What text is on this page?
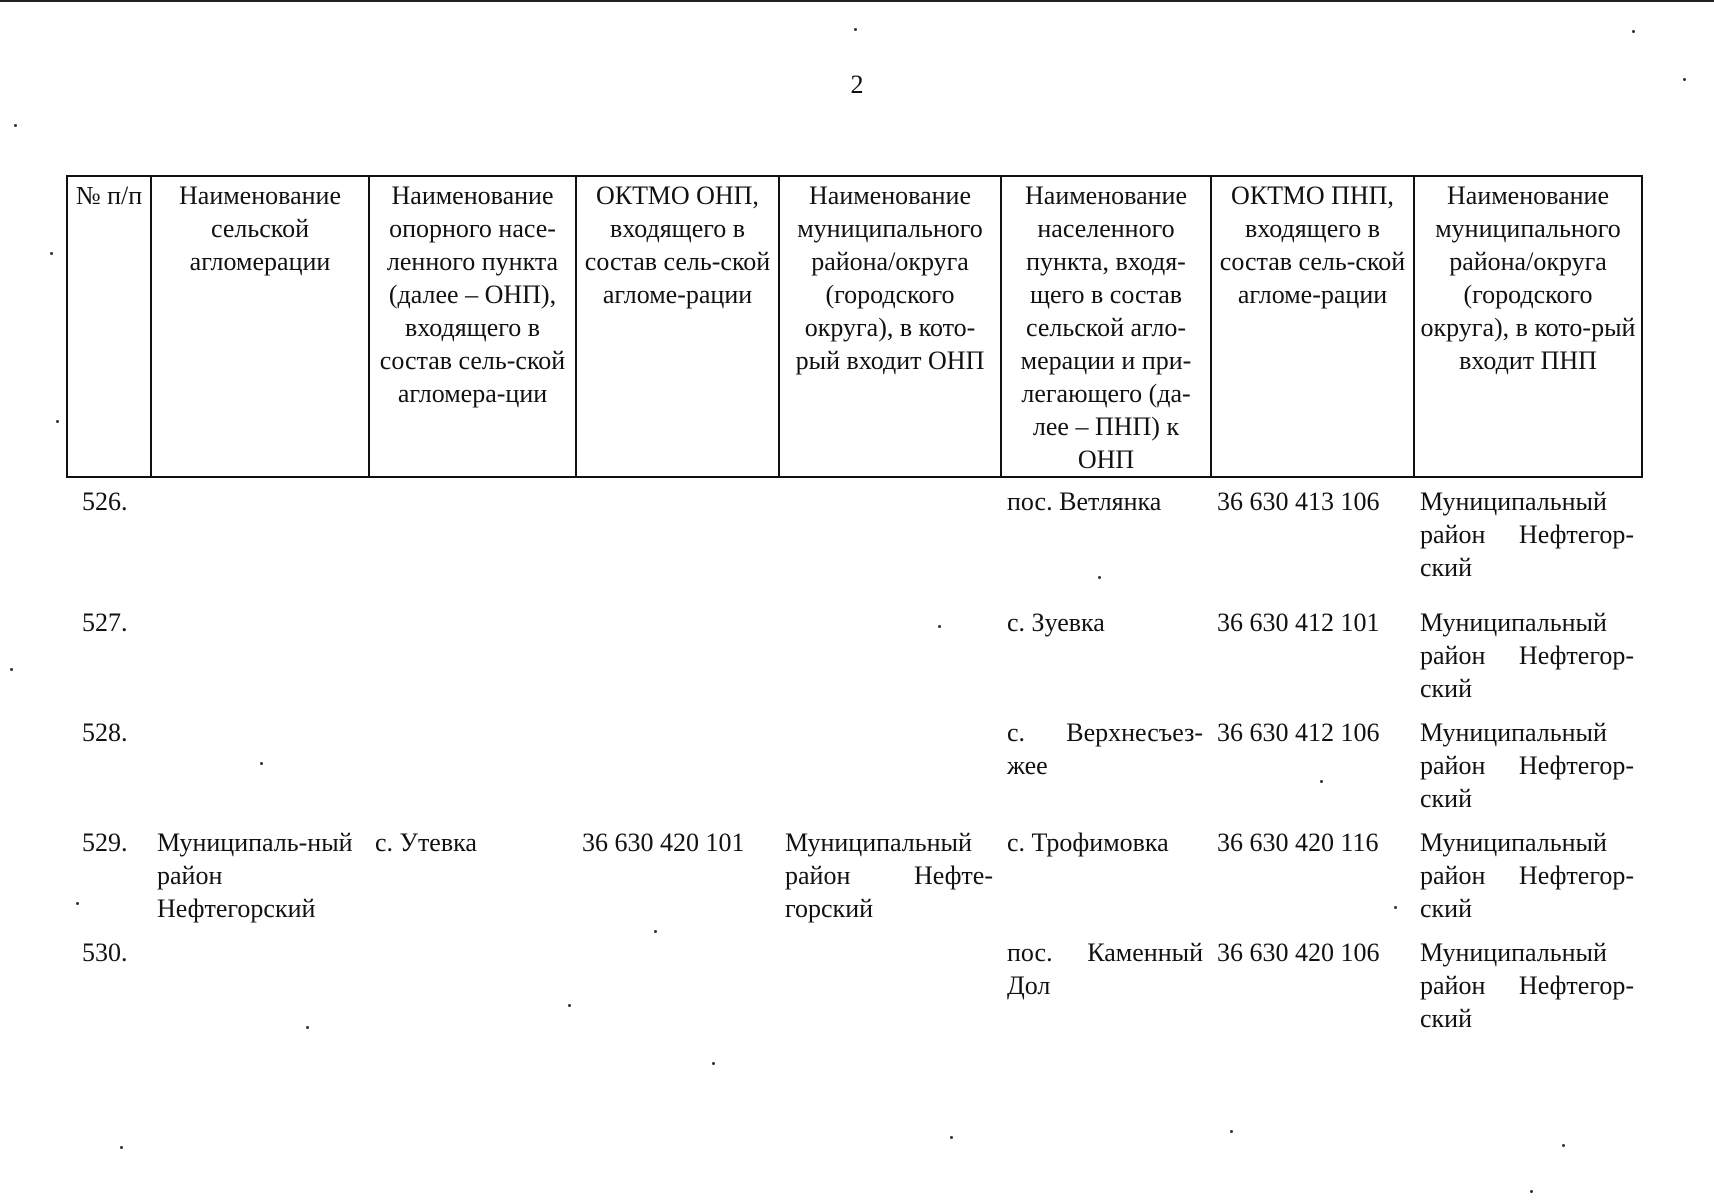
2
№ п/п	Наименование сельской агломерации	Наименование опорного насе-ленного пункта (далее – ОНП), входящего в состав сель-ской агломера-ции	ОКТМО ОНП, входящего в состав сель-ской агломе-рации	Наименование муниципального района/округа (городского округа), в кото-рый входит ОНП	Наименование населенного пункта, входя-щего в состав сельской агло-мерации и при-легающего (да-лее – ПНП) к ОНП	ОКТМО ПНП, входящего в состав сель-ской агломе-рации	Наименование муниципального района/округа (городского округа), в кото-рый входит ПНП
526.					пос. Ветлянка	36 630 413 106	Муниципальный район Нефтегор-ский
527.					с. Зуевка	36 630 412 101	Муниципальный район Нефтегор-ский
528.					с. Верхнесъез-жее	36 630 412 106	Муниципальный район Нефтегор-ский
529.	Муниципаль-ный район Нефтегорский	с. Утевка	36 630 420 101	Муниципальный район Нефте-горский	с. Трофимовка	36 630 420 116	Муниципальный район Нефтегор-ский
530.					пос. Каменный Дол	36 630 420 106	Муниципальный район Нефтегор-ский
